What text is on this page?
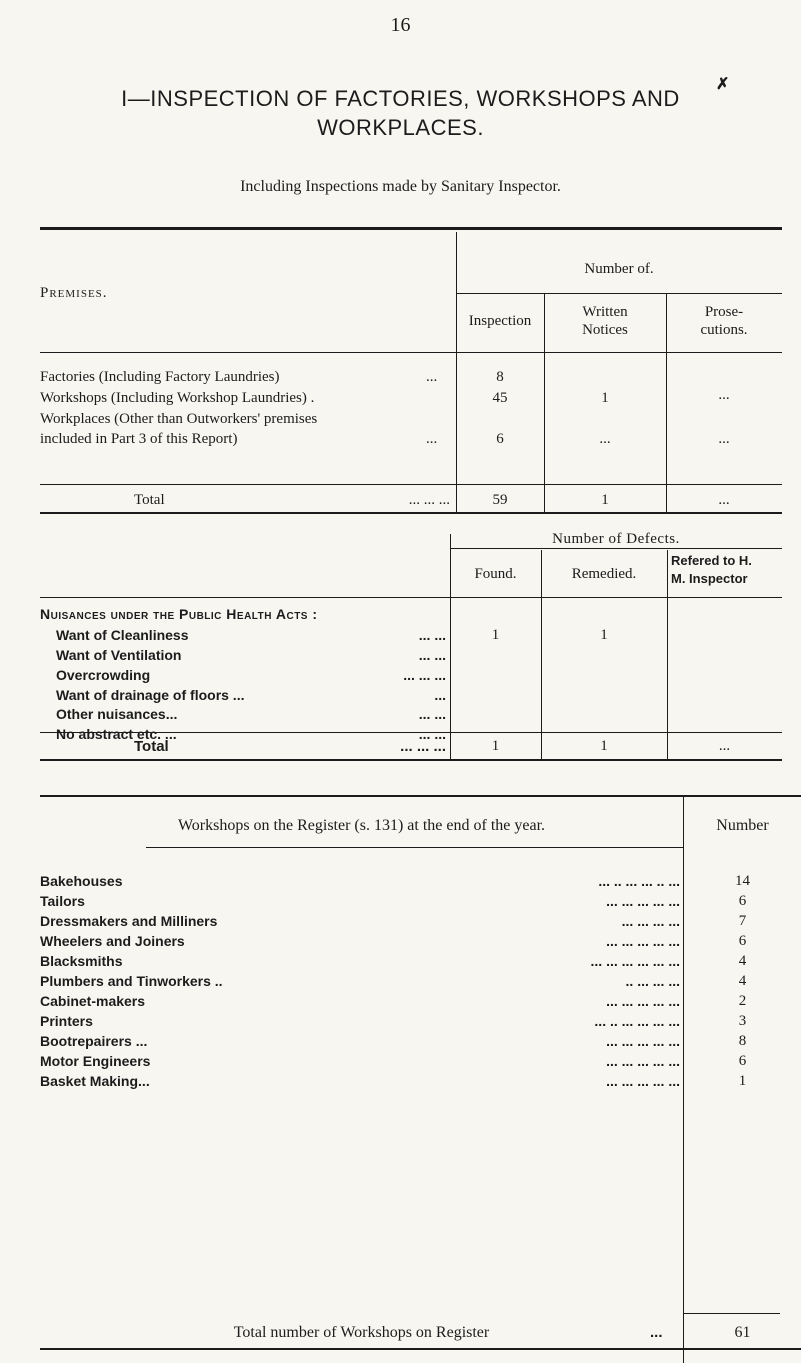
16
✗
I—INSPECTION OF FACTORIES, WORKSHOPS AND
WORKPLACES.
Including Inspections made by Sanitary Inspector.
Premises.
Number of.
Inspection
Written
Notices
Prose-
cutions.
Factories (Including Factory Laundries)	...	8
Workshops (Including Workshop Laundries) .	45	1	...
Workplaces (Other than Outworkers' premises
included in Part 3 of this Report)	...	6	...	...
Total	... ... ...	59	1	...
Number of Defects.
Found.	Remedied.
Refered to H.
M. Inspector
Nuisances under the Public Health Acts :
Want of Cleanliness	... ...	1	1
Want of Ventilation	... ...
Overcrowding	... ... ...
Want of drainage of floors ...	...
Other nuisances...	... ...
No abstract etc. ...	... ...
Total	... ... ...	1	1	...
Workshops on the Register (s. 131) at the end of the year.	Number
Bakehouses	... .. ... ... .. ...	14
Tailors	... ... ... ... ...	6
Dressmakers and Milliners	... ... ... ...	7
Wheelers and Joiners	... ... ... ... ...	6
Blacksmiths	... ... ... ... ... ...	4
Plumbers and Tinworkers ..	.. ... ... ...	4
Cabinet-makers	... ... ... ... ...	2
Printers	... .. ... ... ... ...	3
Bootrepairers ...	... ... ... ... ...	8
Motor Engineers	... ... ... ... ...	6
Basket Making...	... ... ... ... ...	1
Total number of Workshops on Register	...	61
